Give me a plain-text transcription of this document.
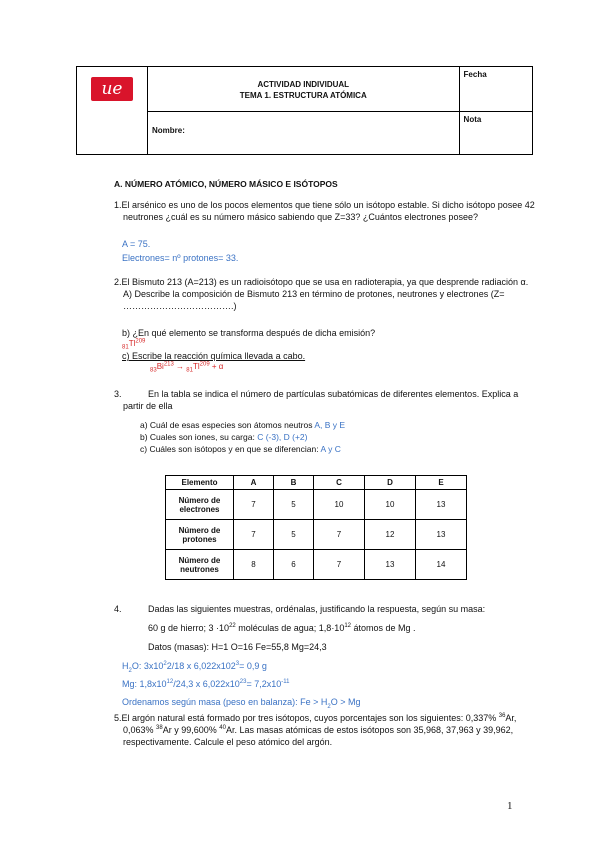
ue	ACTIVIDAD INDIVIDUAL
TEMA 1. ESTRUCTURA ATÓMICA	Fecha

	Nombre:	Nota
A. NÚMERO ATÓMICO, NÚMERO MÁSICO E ISÓTOPOS
1.El arsénico es uno de los pocos elementos que tiene sólo un isótopo estable. Si dicho isótopo posee 42
neutrones ¿cuál es su número másico sabiendo que Z=33? ¿Cuántos electrones posee?
A = 75.
Electrones= nº protones= 33.
2.El Bismuto 213 (A=213) es un radioisótopo que se usa en radioterapia, ya que desprende radiación α.
A) Describe la composición de Bismuto 213 en término de protones, neutrones y electrones (Z=
……………………………….)
b) ¿En qué elemento se transforma después de dicha emisión?
$_{81}Tl^{209}$
c) Escribe la reacción química llevada a cabo.
$_{83}Bi^{213} \to _{81}Tl^{209} + \alpha$
3.	En la tabla se indica el número de partículas subatómicas de diferentes elementos. Explica a
partir de ella
a) Cuál de esas especies son átomos neutros A, B y E
b) Cuales son iones, su carga: C (-3), D (+2)
c) Cuáles son isótopos y en que se diferencian: A y C
Elemento	A	B	C	D	E

Número de
electrones	7	5	10	10	13

Número de
protones	7	5	7	12	13

Número de
neutrones	8	6	7	13	14
4.	Dadas las siguientes muestras, ordénalas, justificando la respuesta, según su masa:
60 g de hierro; $3 \cdot 10^{22}$ moléculas de agua; $1,8\cdot 10^{12}$ átomos de Mg .
Datos (masas): H=1 O=16 Fe=55,8 Mg=24,3
$H_2O$: $3x10^22/18$ x $6,022x102^3= 0,9$ g
Mg: $1,8x10^{12}/24,3$ x $6,022x10^{23}= 7,2x10^{-11}$
Ordenamos según masa (peso en balanza): $Fe > H_2O > Mg$
5.El argón natural está formado por tres isótopos, cuyos porcentajes son los siguientes: 0,337% $^{36}$Ar,
0,063% $^{38}$Ar y 99,600% $^{40}$Ar. Las masas atómicas de estos isótopos son 35,968, 37,963 y 39,962,
respectivamente. Calcule el peso atómico del argón.
1
